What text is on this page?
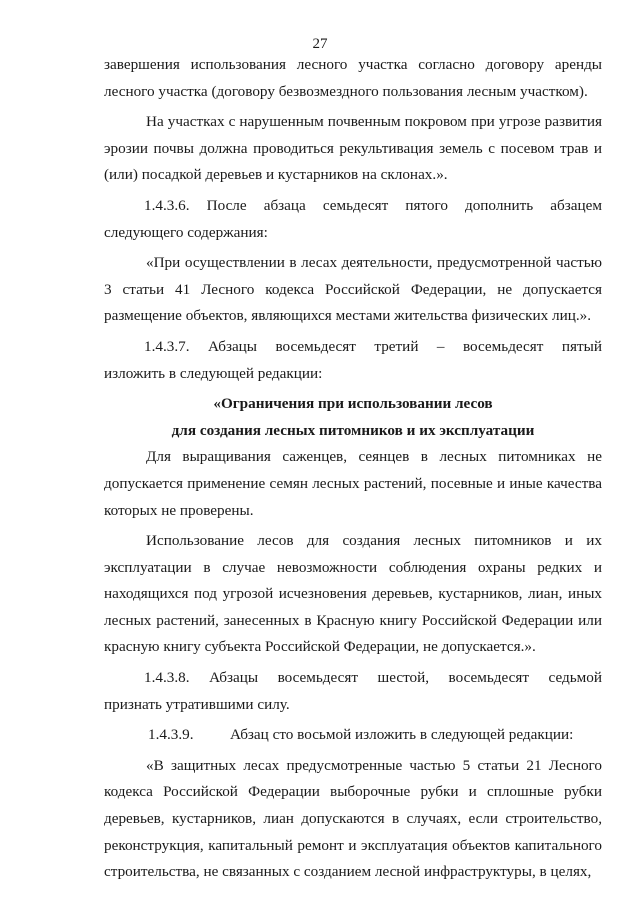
27

завершения использования лесного участка согласно договору аренды лесного участка (договору безвозмездного пользования лесным участком).

На участках с нарушенным почвенным покровом при угрозе развития эрозии почвы должна проводиться рекультивация земель с посевом трав и (или) посадкой деревьев и кустарников на склонах.».

1.4.3.6. После абзаца семьдесят пятого дополнить абзацем

следующего содержания:

«При осуществлении в лесах деятельности, предусмотренной частью 3 статьи 41 Лесного кодекса Российской Федерации, не допускается размещение объектов, являющихся местами жительства физических лиц.».

1.4.3.7. Абзацы восемьдесят третий – восемьдесят пятый

изложить в следующей редакции:

«Ограничения при использовании лесов

для создания лесных питомников и их эксплуатации

Для выращивания саженцев, сеянцев в лесных питомниках не допускается применение семян лесных растений, посевные и иные качества которых не проверены.

Использование лесов для создания лесных питомников и их эксплуатации в случае невозможности соблюдения охраны редких и находящихся под угрозой исчезновения деревьев, кустарников, лиан, иных лесных растений, занесенных в Красную книгу Российской Федерации или красную книгу субъекта Российской Федерации, не допускается.».

1.4.3.8. Абзацы восемьдесят шестой, восемьдесят седьмой

признать утратившими силу.

1.4.3.9. Абзац сто восьмой изложить в следующей редакции:

«В защитных лесах предусмотренные частью 5 статьи 21 Лесного кодекса Российской Федерации выборочные рубки и сплошные рубки деревьев, кустарников, лиан допускаются в случаях, если строительство, реконструкция, капитальный ремонт и эксплуатация объектов капитального строительства, не связанных с созданием лесной инфраструктуры, в целях,
